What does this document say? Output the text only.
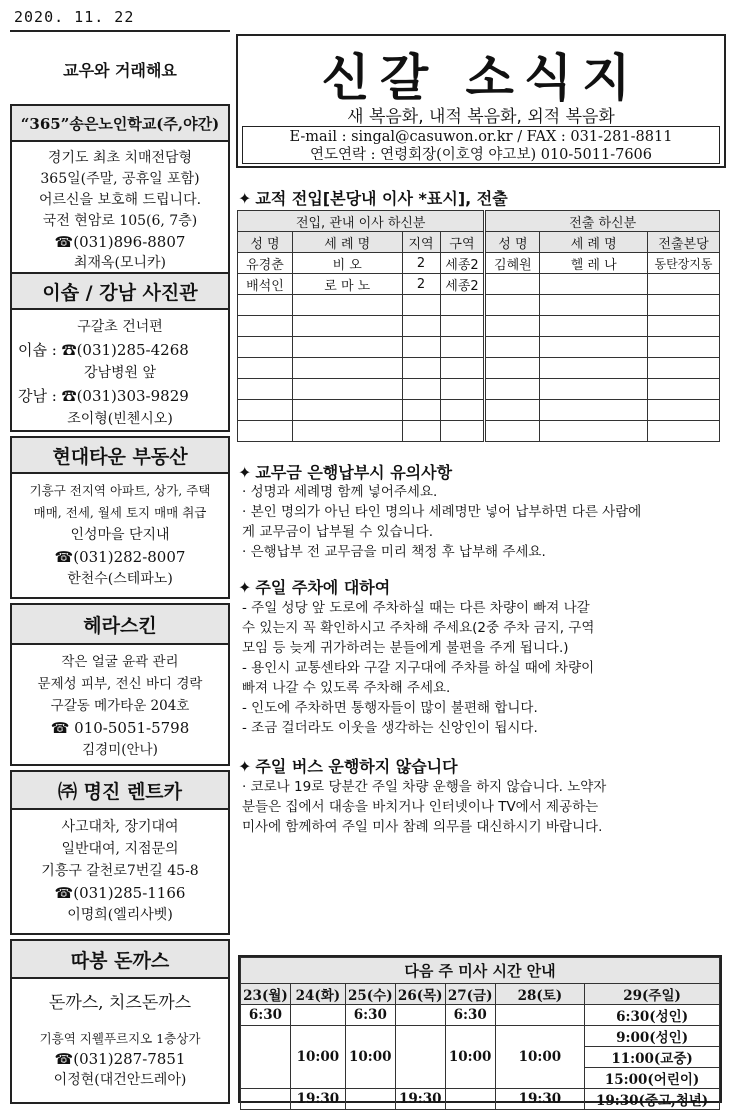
2020. 11. 22
교우와 거래해요
“365”송은노인학교(주,야간)
경기도 최초 치매전담형
365일(주말, 공휴일 포함)
어르신을 보호해 드립니다.
국전 현암로 105(6, 7층)
☎(031)896-8807
최재옥(모니카)
이솝 / 강남 사진관
구갈초 건너편
이솝 : ☎(031)285-4268
강남병원 앞
강남 : ☎(031)303-9829
조이형(빈첸시오)
현대타운 부동산
기흥구 전지역 아파트, 상가, 주택
매매, 전세, 월세 토지 매매 취급
인성마을 단지내
☎(031)282-8007
한천수(스테파노)
헤라스킨
작은 얼굴 윤곽 관리
문제성 피부, 전신 바디 경락
구갈동 메가타운 204호
☎ 010-5051-5798
김경미(안나)
㈜ 명진 렌트카
사고대차, 장기대여
일반대여, 지점문의
기흥구 갈천로7번길 45-8
☎(031)285-1166
이명희(엘리사벳)
따봉 돈까스
돈까스, 치즈돈까스
기흥역 지웰푸르지오 1층상가
☎(031)287-7851
이정현(대건안드레아)
신갈 소식지
새 복음화, 내적 복음화, 외적 복음화
E-mail : singal@casuwon.or.kr / FAX : 031-281-8811
연도연락 : 연령회장(이호영 야고보) 010-5011-7606
✦ 교적 전입[본당내 이사 *표시], 전출
전입, 관내 이사 하신분				전출 하신분		
성 명	세 례 명	지역	구역	성 명	세 례 명	전출본당
유경춘	비 오	2	세종2	김혜원	헬 레 나	동탄장지동
배석인	로 마 노	2	세종2			

✦ 교무금 은행납부시 유의사항
· 성명과 세례명 함께 넣어주세요.
· 본인 명의가 아닌 타인 명의나 세례명만 넣어 납부하면 다른 사람에
게 교무금이 납부될 수 있습니다.
· 은행납부 전 교무금을 미리 책정 후 납부해 주세요.
✦ 주일 주차에 대하여
- 주일 성당 앞 도로에 주차하실 때는 다른 차량이 빠져 나갈
수 있는지 꼭 확인하시고 주차해 주세요(2중 주차 금지, 구역
모임 등 늦게 귀가하려는 분들에게 불편을 주게 됩니다.)
- 용인시 교통센타와 구갈 지구대에 주차를 하실 때에 차량이
빠져 나갈 수 있도록 주차해 주세요.
- 인도에 주차하면 통행자들이 많이 불편해 합니다.
- 조금 걸더라도 이웃을 생각하는 신앙인이 됩시다.
✦ 주일 버스 운행하지 않습니다
· 코로나 19로 당분간 주일 차량 운행을 하지 않습니다. 노약자
분들은 집에서 대송을 바치거나 인터넷이나 TV에서 제공하는
미사에 함께하여 주일 미사 참례 의무를 대신하시기 바랍니다.
다음 주 미사 시간 안내						
23(월)	24(화)	25(수)	26(목)	27(금)	28(토)	29(주일)
6:30		6:30		6:30		6:30(성인)
	10:00	10:00		10:00	10:00	9:00(성인)
						11:00(교중)
						15:00(어린이)
	19:30		19:30		19:30	19:30(중고,청년)
